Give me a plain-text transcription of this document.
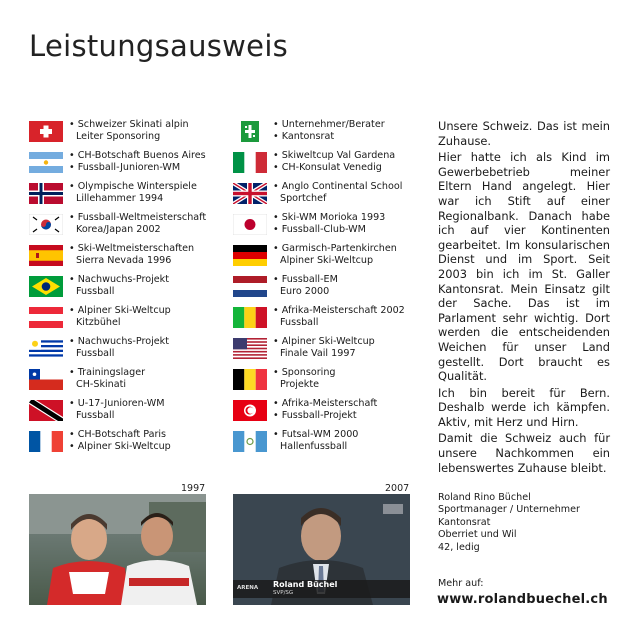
Leistungsausweis
• Schweizer Skinati alpin
Leiter Sponsoring
• CH-Botschaft Buenos Aires
• Fussball-Junioren-WM
• Olympische Winterspiele
Lillehammer 1994
• Fussball-Weltmeisterschaft
Korea/Japan 2002
• Ski-Weltmeisterschaften
Sierra Nevada 1996
• Nachwuchs-Projekt
Fussball
• Alpiner Ski-Weltcup
Kitzbühel
• Nachwuchs-Projekt
Fussball
• Trainingslager
CH-Skinati
• U-17-Junioren-WM
Fussball
• CH-Botschaft Paris
• Alpiner Ski-Weltcup
• Unternehmer/Berater
• Kantonsrat
• Skiweltcup Val Gardena
• CH-Konsulat Venedig
• Anglo Continental School
Sportchef
• Ski-WM Morioka 1993
• Fussball-Club-WM
• Garmisch-Partenkirchen
Alpiner Ski-Weltcup
• Fussball-EM
Euro 2000
• Afrika-Meisterschaft 2002
Fussball
• Alpiner Ski-Weltcup
Finale Vail 1997
• Sponsoring
Projekte
• Afrika-Meisterschaft
• Fussball-Projekt
• Futsal-WM 2000
Hallenfussball

Unsere Schweiz. Das ist mein Zuhause.

Hier hatte ich als Kind im Gewerbebetrieb meiner Eltern Hand angelegt. Hier war ich Stift auf einer Regionalbank. Danach habe ich auf vier Kontinenten gearbeitet. Im konsularischen Dienst und im Sport. Seit 2003 bin ich im St. Galler Kantonsrat. Mein Einsatz gilt der Sache. Das ist im Parlament sehr wichtig. Dort werden die entscheidenden Weichen für unser Land gestellt. Dort braucht es Qualität.

Ich bin bereit für Bern. Deshalb werde ich kämpfen. Aktiv, mit Herz und Hirn.

Damit die Schweiz auch für unsere Nachkommen ein lebenswertes Zuhause bleibt.

1997	2007
ARENA Roland Büchel
SVP/SG
Roland Rino Büchel
Sportmanager / Unternehmer
Kantonsrat
Oberriet und Wil
42, ledig
Mehr auf:
www.rolandbuechel.ch
